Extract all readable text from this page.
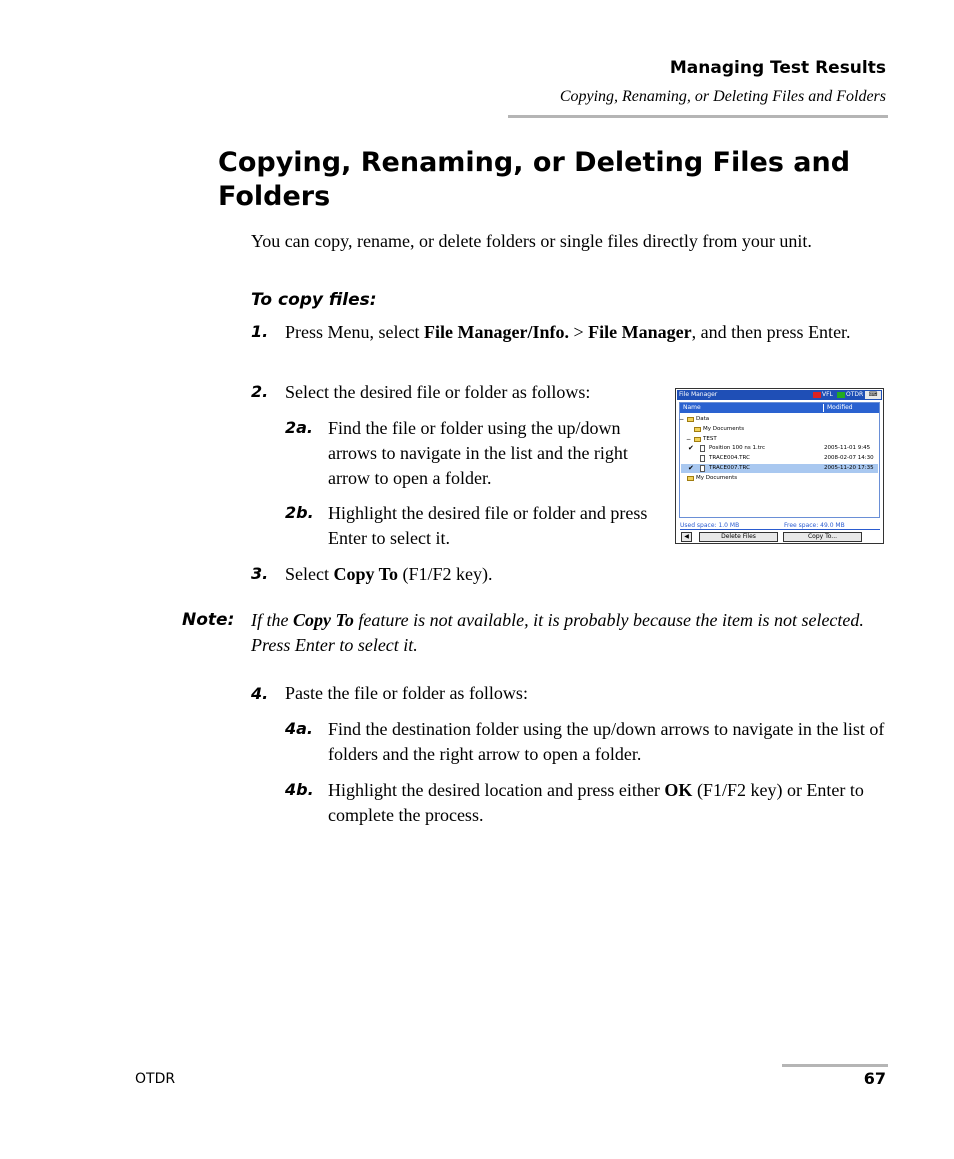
Managing Test Results
Copying, Renaming, or Deleting Files and Folders
Copying, Renaming, or Deleting Files and Folders
You can copy, rename, or delete folders or single files directly from your unit.
To copy files:
1. Press Menu, select File Manager/Info. > File Manager, and then press Enter.
2. Select the desired file or folder as follows:
2a. Find the file or folder using the up/down arrows to navigate in the list and the right arrow to open a folder.
2b. Highlight the desired file or folder and press Enter to select it.
3. Select Copy To (F1/F2 key).
Note: If the Copy To feature is not available, it is probably because the item is not selected. Press Enter to select it.
4. Paste the file or folder as follows:
4a. Find the destination folder using the up/down arrows to navigate in the list of folders and the right arrow to open a folder.
4b. Highlight the desired location and press either OK (F1/F2 key) or Enter to complete the process.
File Manager	VFL OTDR ⌨
Name	Modified
− Data
My Documents
− TEST
✔	Position 100 ns 1.trc	2005-11-01 9:45
TRACE004.TRC	2008-02-07 14:30
✔	TRACE007.TRC	2005-11-20 17:35
My Documents
Used space: 1.0 MB	Free space: 49.0 MB
◀	Delete Files	Copy To...
OTDR	67
